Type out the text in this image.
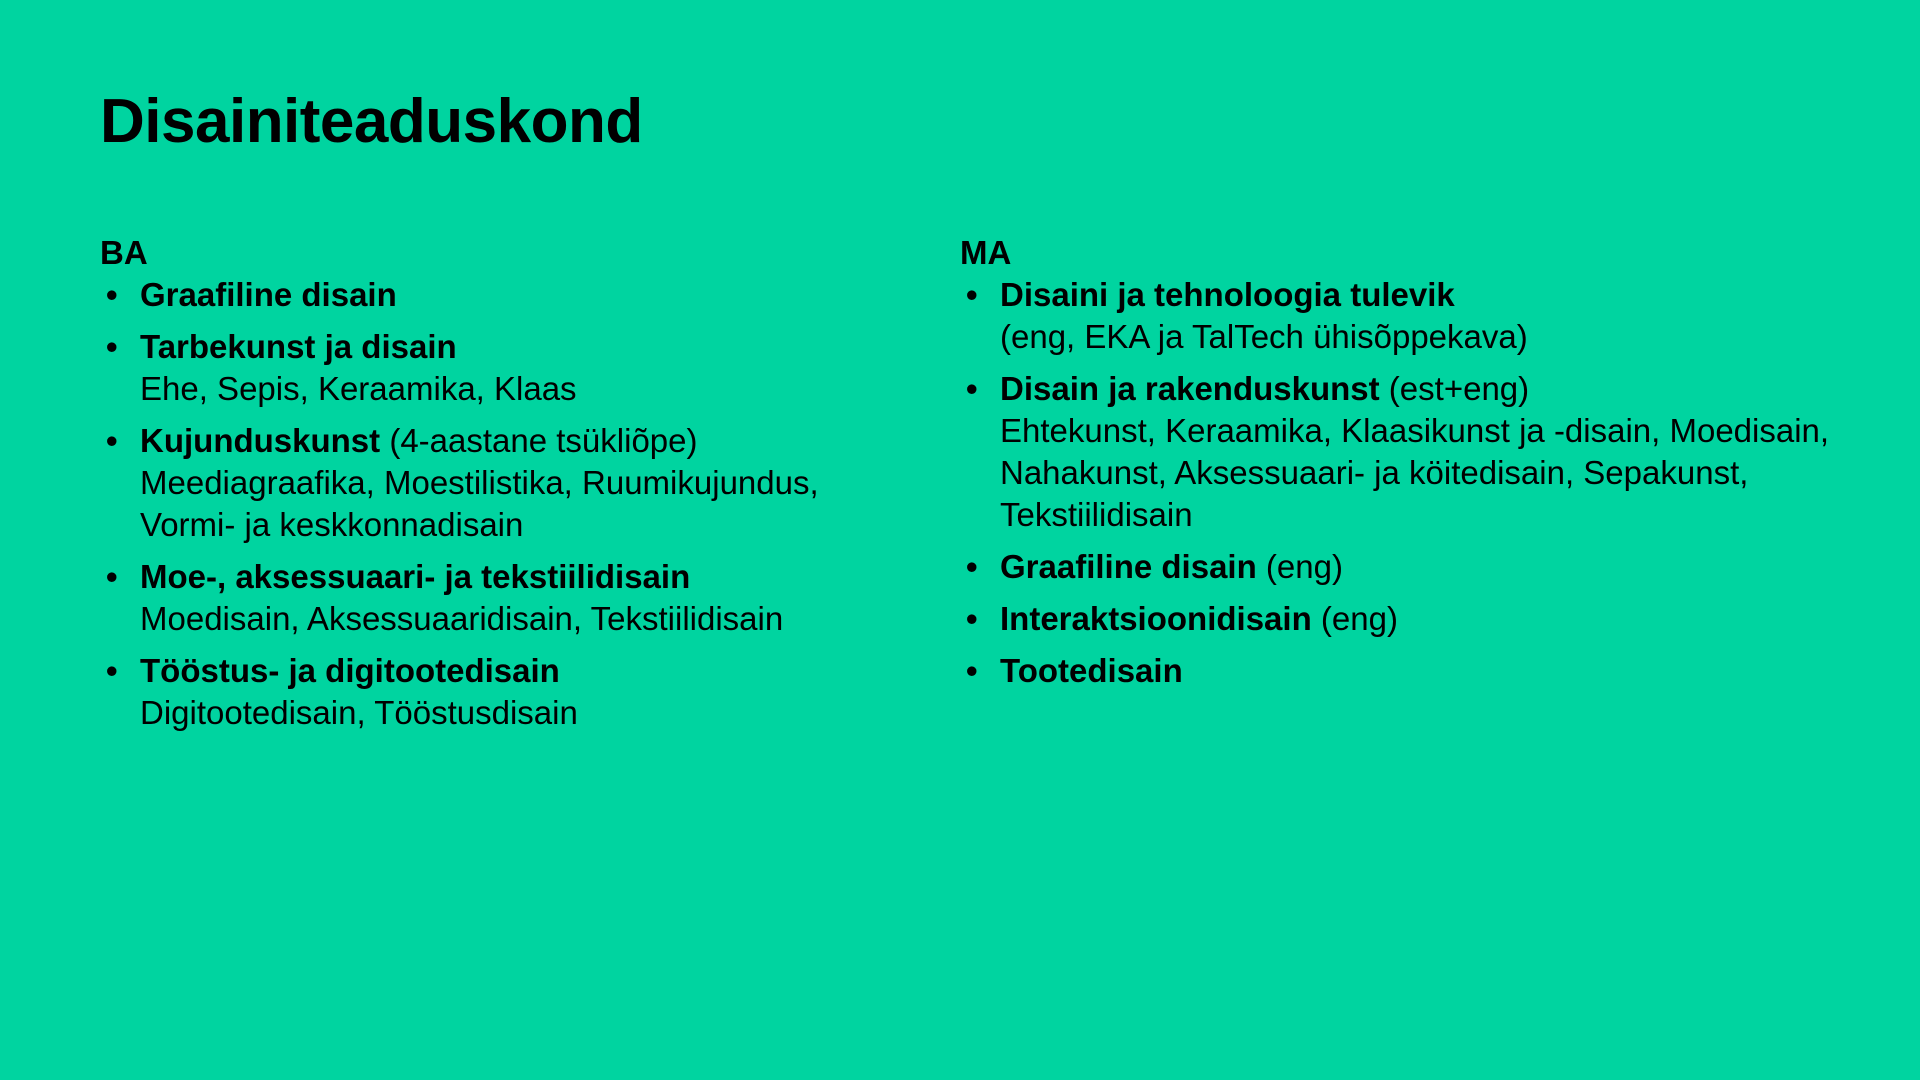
Disainiteaduskond

BA

• Graafiline disain
• Tarbekunst ja disain
Ehe, Sepis, Keraamika, Klaas
• Kujunduskunst (4-aastane tsükliõpe)
Meediagraafika, Moestilistika, Ruumikujundus, Vormi- ja keskkonnadisain
• Moe-, aksessuaari- ja tekstiilidisain
Moedisain, Aksessuaaridisain, Tekstiilidisain
• Tööstus- ja digitootedisain
Digitootedisain, Tööstusdisain

MA

• Disaini ja tehnoloogia tulevik
(eng, EKA ja TalTech ühisõppekava)
• Disain ja rakenduskunst (est+eng)
Ehtekunst, Keraamika, Klaasikunst ja -disain, Moedisain, Nahakunst, Aksessuaari- ja köitedisain, Sepakunst, Tekstiilidisain
• Graafiline disain (eng)
• Interaktsioonidisain (eng)
• Tootedisain
